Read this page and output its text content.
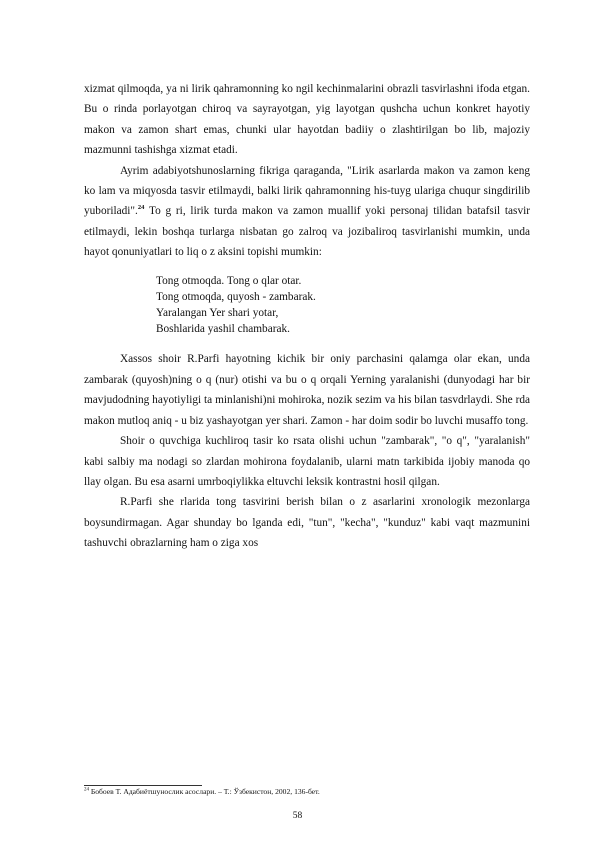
xizmat qilmoqda, ya ni lirik qahramonning ko ngil kechinmalarini obrazli tasvirlashni ifoda etgan. Bu o rinda porlayotgan chiroq va sayrayotgan, yig layotgan qushcha uchun konkret hayotiy makon va zamon shart emas, chunki ular hayotdan badiiy o zlashtirilgan bo lib, majoziy mazmunni tashishga xizmat etadi.

Ayrim adabiyotshunoslarning fikriga qaraganda, "Lirik asarlarda makon va zamon keng ko lam va miqyosda tasvir etilmaydi, balki lirik qahramonning his-tuyg ulariga chuqur singdirilib yuboriladi".$^{24}$ To g ri, lirik turda makon va zamon muallif yoki personaj tilidan batafsil tasvir etilmaydi, lekin boshqa turlarga nisbatan go zalroq va jozibaliroq tasvirlanishi mumkin, unda hayot qonuniyatlari to liq o z aksini topishi mumkin:

Tong otmoqda. Tong o qlar otar.
Tong otmoqda, quyosh - zambarak.
Yaralangan Yer shari yotar,
Boshlarida yashil chambarak.

Xassos shoir R.Parfi hayotning kichik bir oniy parchasini qalamga olar ekan, unda zambarak (quyosh)ning o q (nur) otishi va bu o q orqali Yerning yaralanishi (dunyodagi har bir mavjudodning hayotiyligi ta minlanishi)ni mohiroka, nozik sezim va his bilan tasvdrlaydi. She rda makon mutloq aniq - u biz yashayotgan yer shari. Zamon - har doim sodir bo luvchi musaffo tong.

Shoir o quvchiga kuchliroq tasir ko rsata olishi uchun "zambarak", "o q", "yaralanish" kabi salbiy ma nodagi so zlardan mohirona foydalanib, ularni matn tarkibida ijobiy manoda qo llay olgan. Bu esa asarni umrboqiylikka eltuvchi leksik kontrastni hosil qilgan.

R.Parfi she rlarida tong tasvirini berish bilan o z asarlarini xronologik mezonlarga boysundirmagan. Agar shunday bo lganda edi, "tun", "kecha", "kunduz" kabi vaqt mazmunini tashuvchi obrazlarning ham o ziga xos

$^{24}$ Бобоев Т. Адабиётшунослик асослари. – Т.: Ўзбекистон, 2002, 136-бет.
58
